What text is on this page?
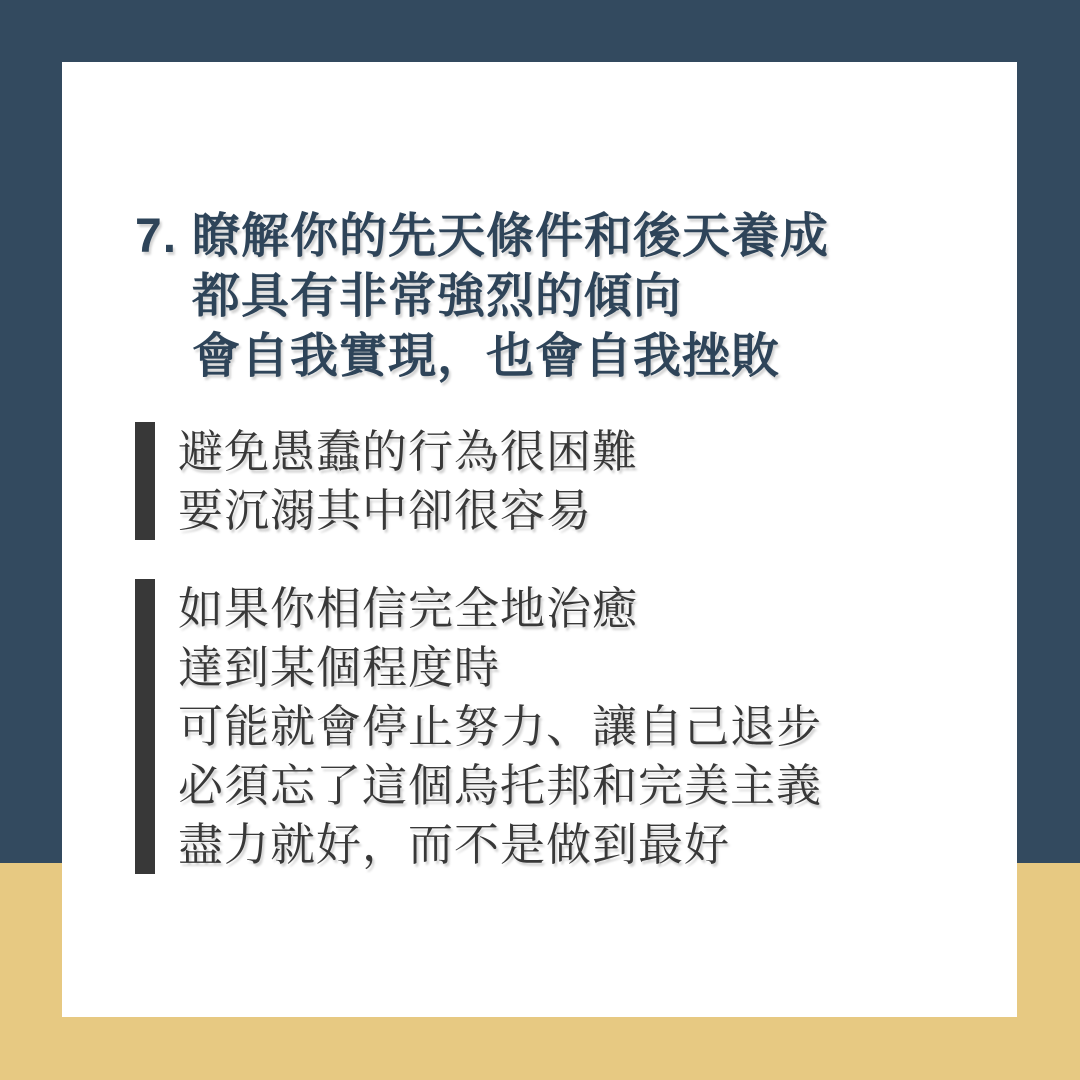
7. 瞭解你的先天條件和後天養成
都具有非常強烈的傾向
會自我實現，也會自我挫敗
避免愚蠢的行為很困難
要沉溺其中卻很容易
如果你相信完全地治癒
達到某個程度時
可能就會停止努力、讓自己退步
必須忘了這個烏托邦和完美主義
盡力就好，而不是做到最好
